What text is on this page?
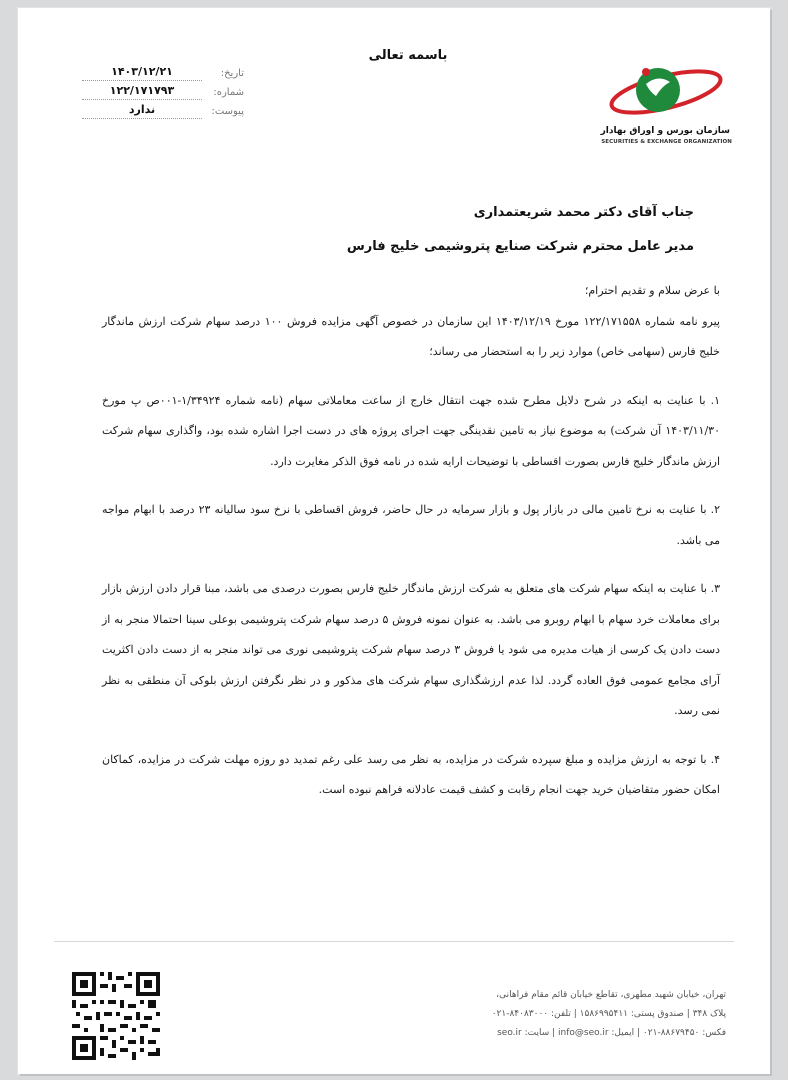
باسمه تعالی
۱۴۰۳/۱۲/۲۱	تاریخ:
۱۲۲/۱۷۱۷۹۳	شماره:
ندارد	پیوست:
سازمان بورس و اوراق بهادار
SECURITIES & EXCHANGE ORGANIZATION
جناب آقای دکتر محمد شریعتمداری
مدیر عامل محترم شرکت صنایع پتروشیمی خلیج فارس

با عرض سلام و تقدیم احترام؛

پیرو نامه شماره ۱۲۲/۱۷۱۵۵۸ مورخ ۱۴۰۳/۱۲/۱۹ این سازمان در خصوص آگهی مزایده فروش ۱۰۰ درصد سهام شرکت ارزش ماندگار خلیج فارس (سهامی خاص) موارد زیر را به استحضار می رساند؛

۱. با عنایت به اینکه در شرح دلایل مطرح شده جهت انتقال خارج از ساعت معاملاتی سهام (نامه شماره ۱/۳۴۹۲۴-۰۰۱ص پ مورخ ۱۴۰۳/۱۱/۳۰ آن شرکت) به موضوع نیاز به تامین نقدینگی جهت اجرای پروژه های در دست اجرا اشاره شده بود، واگذاری سهام شرکت ارزش ماندگار خلیج فارس بصورت اقساطی با توضیحات ارایه شده در نامه فوق الذکر مغایرت دارد.

۲. با عنایت به نرخ تامین مالی در بازار پول و بازار سرمایه در حال حاضر، فروش اقساطی با نرخ سود سالیانه ۲۳ درصد با ابهام مواجه می باشد.

۳. با عنایت به اینکه سهام شرکت های متعلق به شرکت ارزش ماندگار خلیج فارس بصورت درصدی می باشد، مبنا قرار دادن ارزش بازار برای معاملات خرد سهام با ابهام روبرو می باشد. به عنوان نمونه فروش ۵ درصد سهام شرکت پتروشیمی بوعلی سینا احتمالا منجر به از دست دادن یک کرسی از هیات مدیره می شود یا فروش ۳ درصد سهام شرکت پتروشیمی نوری می تواند منجر به از دست دادن اکثریت آرای مجامع عمومی فوق العاده گردد. لذا عدم ارزشگذاری سهام شرکت های مذکور و در نظر نگرفتن ارزش بلوکی آن منطقی به نظر نمی رسد.

۴. با توجه به ارزش مزایده و مبلغ سپرده شرکت در مزایده، به نظر می رسد علی رغم تمدید دو روزه مهلت شرکت در مزایده، کماکان امکان حضور متقاضیان خرید جهت انجام رقابت و کشف قیمت عادلانه فراهم نبوده است.

تهران، خیابان شهید مطهری، تقاطع خیابان قائم مقام فراهانی،
پلاک ۳۴۸ | صندوق پستی: ۱۵۸۶۹۹۵۴۱۱ | تلفن: ۸۴۰۸۳۰۰۰-۰۲۱
فکس: ۸۸۶۷۹۴۵۰-۰۲۱ | ایمیل: info@seo.ir | سایت: seo.ir
